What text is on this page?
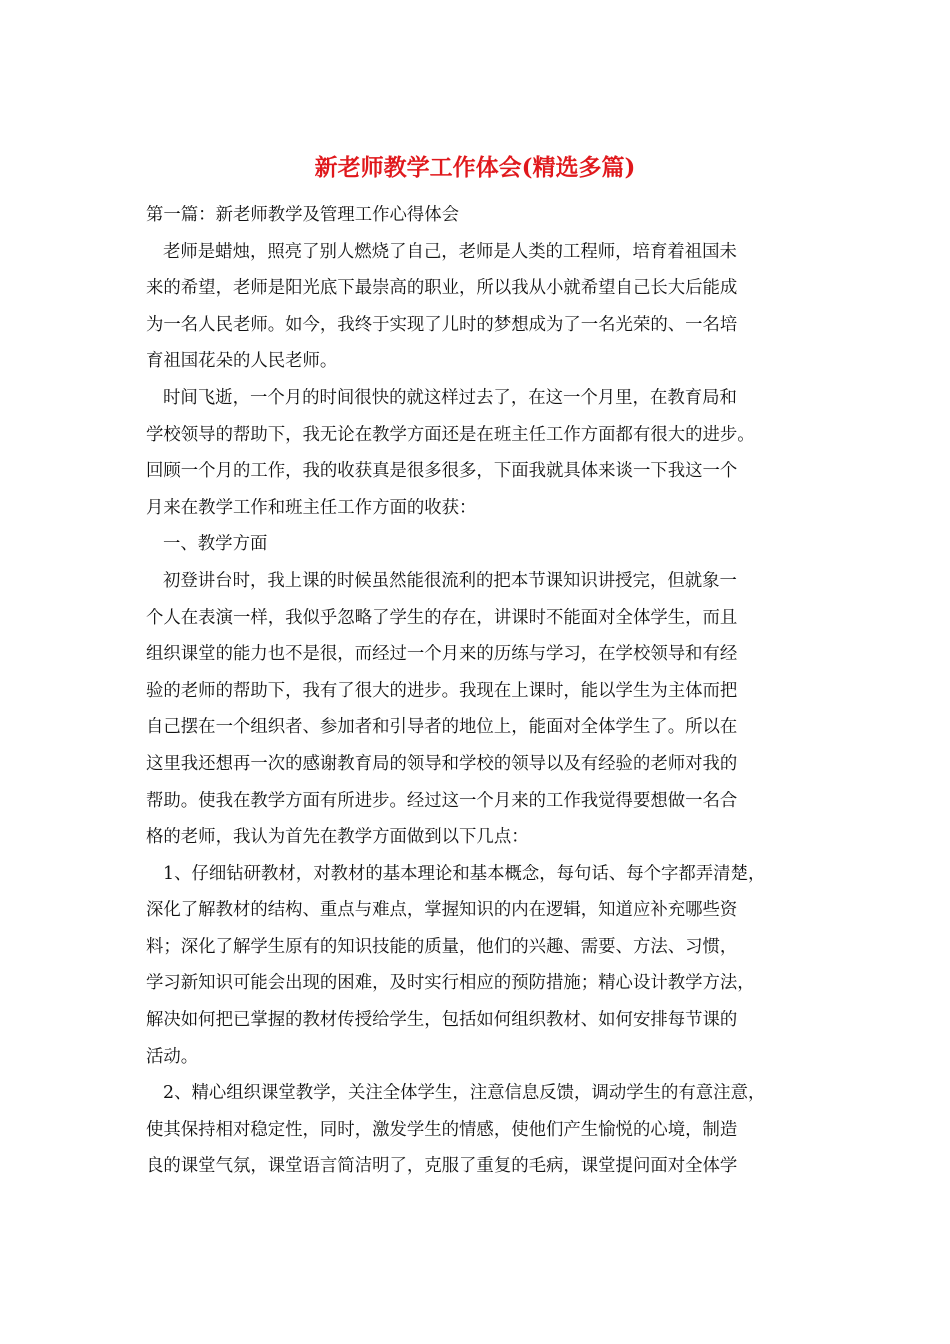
新老师教学工作体会(精选多篇)
第一篇：新老师教学及管理工作心得体会
老师是蜡烛，照亮了别人燃烧了自己，老师是人类的工程师，培育着祖国未
来的希望，老师是阳光底下最崇高的职业，所以我从小就希望自己长大后能成
为一名人民老师。如今，我终于实现了儿时的梦想成为了一名光荣的、一名培
育祖国花朵的人民老师。
时间飞逝，一个月的时间很快的就这样过去了，在这一个月里，在教育局和
学校领导的帮助下，我无论在教学方面还是在班主任工作方面都有很大的进步。
回顾一个月的工作，我的收获真是很多很多，下面我就具体来谈一下我这一个
月来在教学工作和班主任工作方面的收获：
一、教学方面
初登讲台时，我上课的时候虽然能很流利的把本节课知识讲授完，但就象一
个人在表演一样，我似乎忽略了学生的存在，讲课时不能面对全体学生，而且
组织课堂的能力也不是很，而经过一个月来的历练与学习，在学校领导和有经
验的老师的帮助下，我有了很大的进步。我现在上课时，能以学生为主体而把
自己摆在一个组织者、参加者和引导者的地位上，能面对全体学生了。所以在
这里我还想再一次的感谢教育局的领导和学校的领导以及有经验的老师对我的
帮助。使我在教学方面有所进步。经过这一个月来的工作我觉得要想做一名合
格的老师，我认为首先在教学方面做到以下几点：
1、仔细钻研教材，对教材的基本理论和基本概念，每句话、每个字都弄清楚，
深化了解教材的结构、重点与难点，掌握知识的内在逻辑，知道应补充哪些资
料；深化了解学生原有的知识技能的质量，他们的兴趣、需要、方法、习惯，
学习新知识可能会出现的困难，及时实行相应的预防措施；精心设计教学方法，
解决如何把已掌握的教材传授给学生，包括如何组织教材、如何安排每节课的
活动。
2、精心组织课堂教学，关注全体学生，注意信息反馈，调动学生的有意注意，
使其保持相对稳定性，同时，激发学生的情感，使他们产生愉悦的心境，制造
良的课堂气氛，课堂语言简洁明了，克服了重复的毛病，课堂提问面对全体学
